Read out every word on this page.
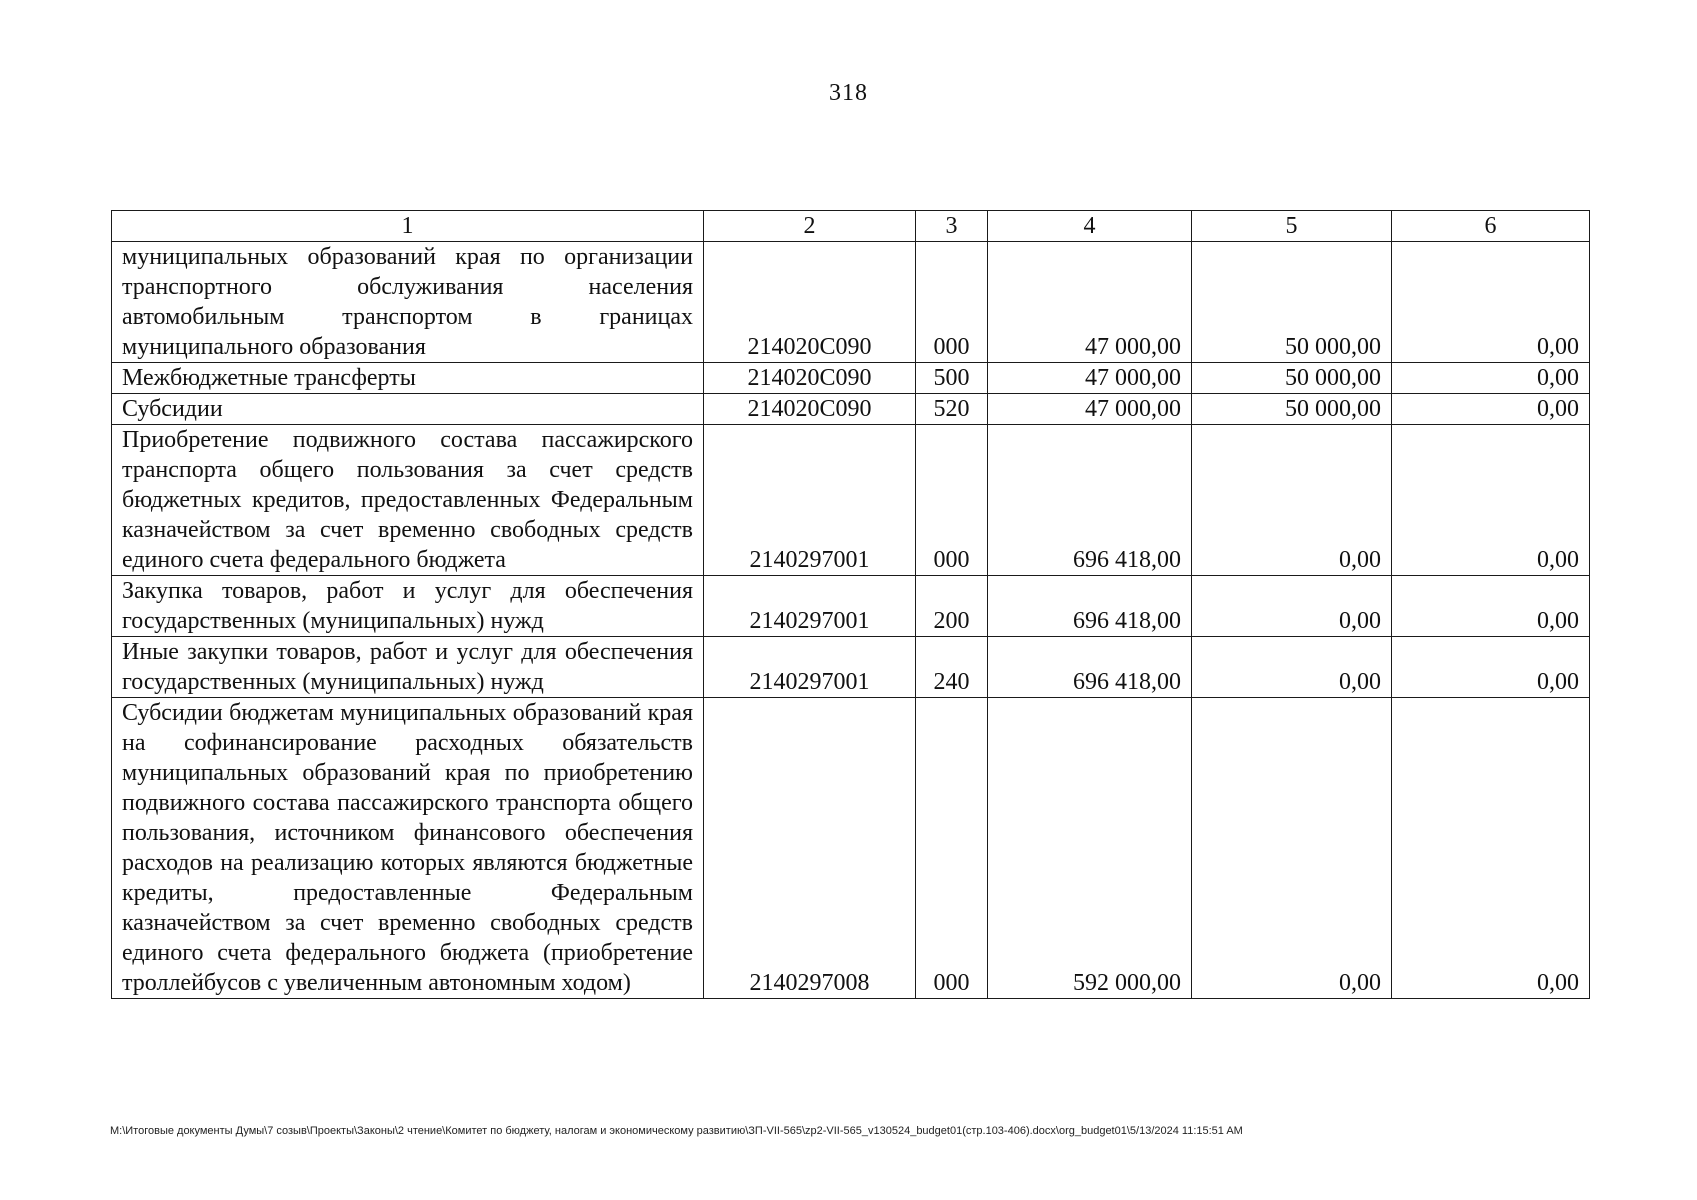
318
1	2	3	4	5	6
муниципальных образований края по организации транспортного обслуживания населения автомобильным транспортом в границах муниципального образования	214020С090	000	47 000,00	50 000,00	0,00
Межбюджетные трансферты	214020С090	500	47 000,00	50 000,00	0,00
Субсидии	214020С090	520	47 000,00	50 000,00	0,00
Приобретение подвижного состава пассажирского транспорта общего пользования за счет средств бюджетных кредитов, предоставленных Федеральным казначейством за счет временно свободных средств единого счета федерального бюджета	2140297001	000	696 418,00	0,00	0,00
Закупка товаров, работ и услуг для обеспечения государственных (муниципальных) нужд	2140297001	200	696 418,00	0,00	0,00
Иные закупки товаров, работ и услуг для обеспечения государственных (муниципальных) нужд	2140297001	240	696 418,00	0,00	0,00
Субсидии бюджетам муниципальных образований края на софинансирование расходных обязательств муниципальных образований края по приобретению подвижного состава пассажирского транспорта общего пользования, источником финансового обеспечения расходов на реализацию которых являются бюджетные кредиты, предоставленные Федеральным казначейством за счет временно свободных средств единого счета федерального бюджета (приобретение троллейбусов с увеличенным автономным ходом)	2140297008	000	592 000,00	0,00	0,00
М:\Итоговые документы Думы\7 созыв\Проекты\Законы\2 чтение\Комитет по бюджету, налогам и экономическому развитию\ЗП-VII-565\zp2-VII-565_v130524_budget01(стр.103-406).docx\org_budget01\5/13/2024 11:15:51 AM
